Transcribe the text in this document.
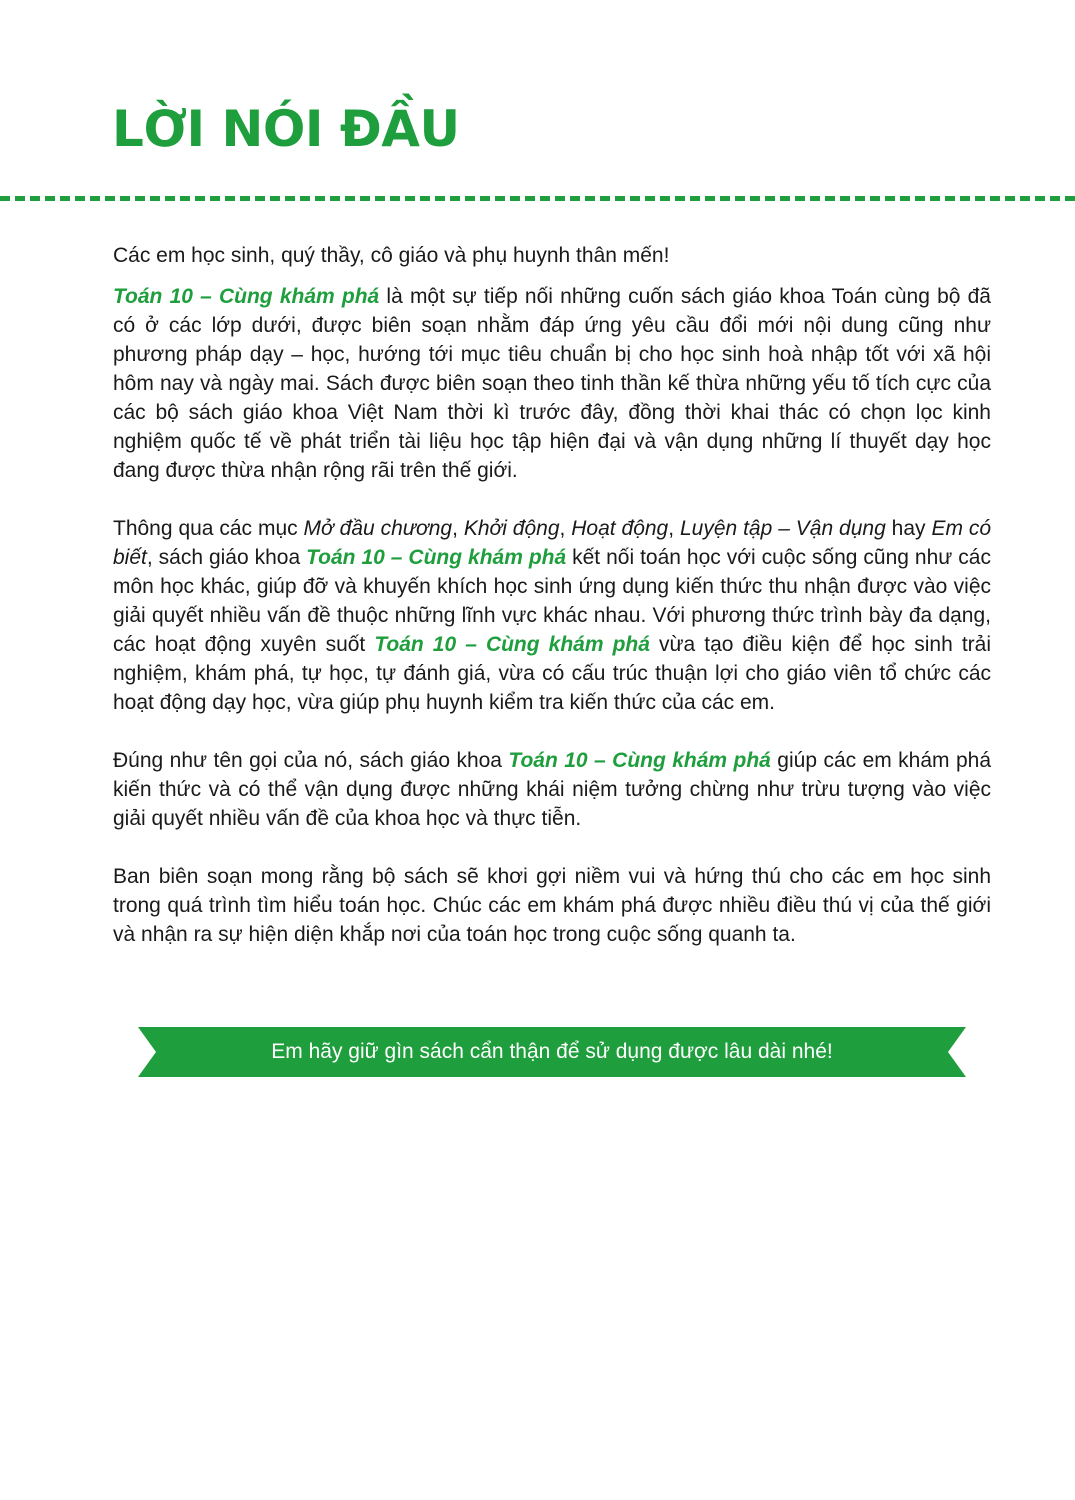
LỜI NÓI ĐẦU

Các em học sinh, quý thầy, cô giáo và phụ huynh thân mến!

Toán 10 – Cùng khám phá là một sự tiếp nối những cuốn sách giáo khoa Toán cùng bộ đã có ở các lớp dưới, được biên soạn nhằm đáp ứng yêu cầu đổi mới nội dung cũng như phương pháp dạy – học, hướng tới mục tiêu chuẩn bị cho học sinh hoà nhập tốt với xã hội hôm nay và ngày mai. Sách được biên soạn theo tinh thần kế thừa những yếu tố tích cực của các bộ sách giáo khoa Việt Nam thời kì trước đây, đồng thời khai thác có chọn lọc kinh nghiệm quốc tế về phát triển tài liệu học tập hiện đại và vận dụng những lí thuyết dạy học đang được thừa nhận rộng rãi trên thế giới.

Thông qua các mục Mở đầu chương, Khởi động, Hoạt động, Luyện tập – Vận dụng hay Em có biết, sách giáo khoa Toán 10 – Cùng khám phá kết nối toán học với cuộc sống cũng như các môn học khác, giúp đỡ và khuyến khích học sinh ứng dụng kiến thức thu nhận được vào việc giải quyết nhiều vấn đề thuộc những lĩnh vực khác nhau. Với phương thức trình bày đa dạng, các hoạt động xuyên suốt Toán 10 – Cùng khám phá vừa tạo điều kiện để học sinh trải nghiệm, khám phá, tự học, tự đánh giá, vừa có cấu trúc thuận lợi cho giáo viên tổ chức các hoạt động dạy học, vừa giúp phụ huynh kiểm tra kiến thức của các em.

Đúng như tên gọi của nó, sách giáo khoa Toán 10 – Cùng khám phá giúp các em khám phá kiến thức và có thể vận dụng được những khái niệm tưởng chừng như trừu tượng vào việc giải quyết nhiều vấn đề của khoa học và thực tiễn.

Ban biên soạn mong rằng bộ sách sẽ khơi gợi niềm vui và hứng thú cho các em học sinh trong quá trình tìm hiểu toán học. Chúc các em khám phá được nhiều điều thú vị của thế giới và nhận ra sự hiện diện khắp nơi của toán học trong cuộc sống quanh ta.

Em hãy giữ gìn sách cẩn thận để sử dụng được lâu dài nhé!
